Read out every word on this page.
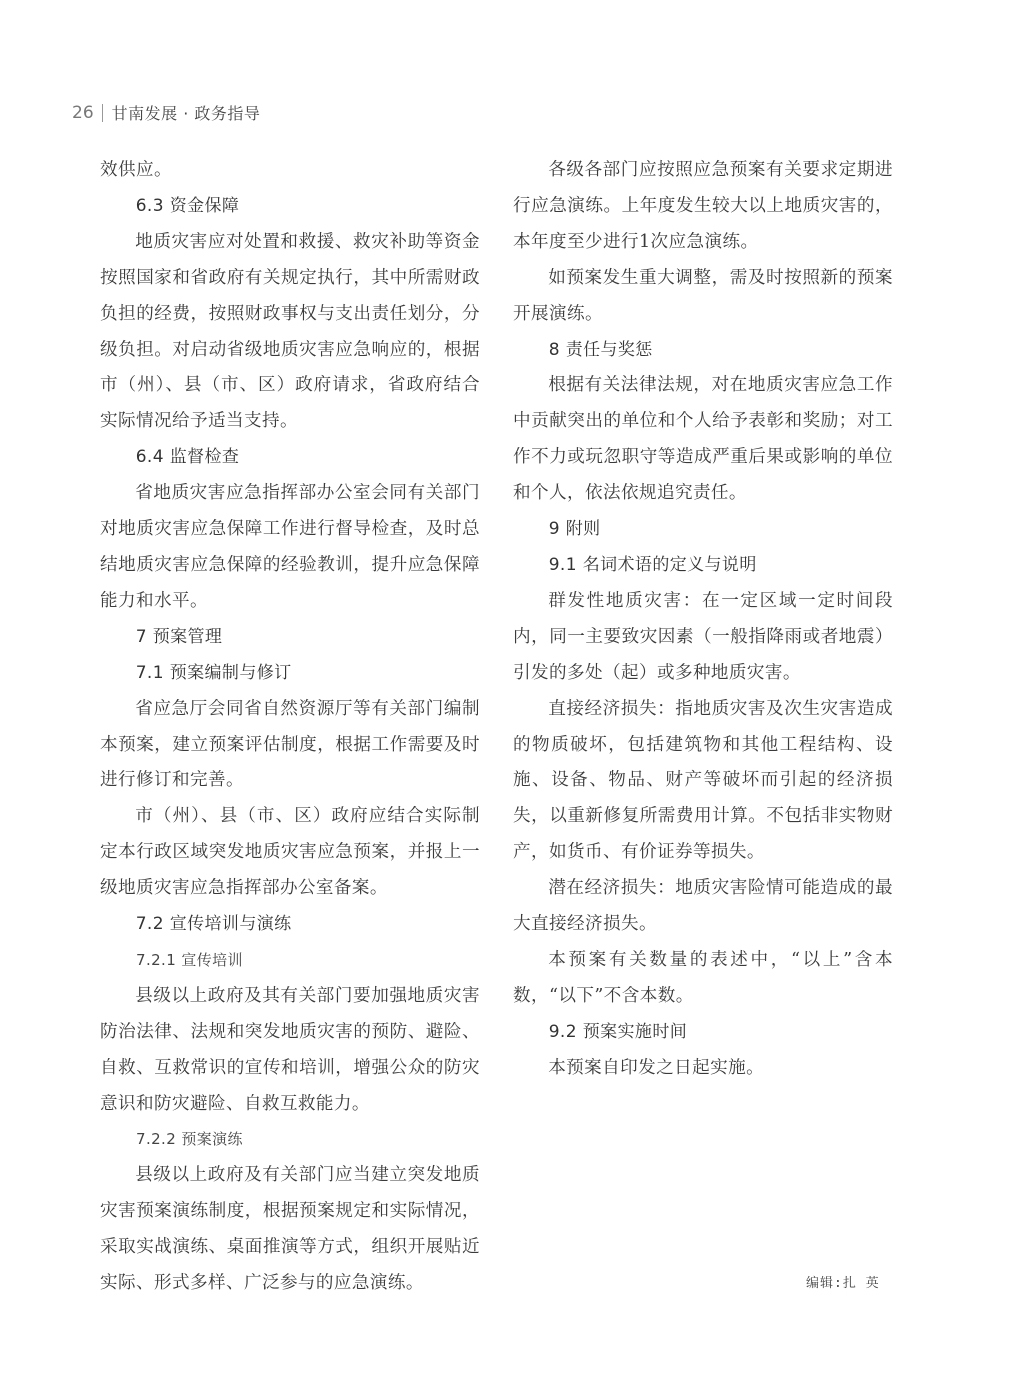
26 甘南发展 · 政务指导

效供应。

6.3 资金保障

地质灾害应对处置和救援、救灾补助等资金按照国家和省政府有关规定执行，其中所需财政负担的经费，按照财政事权与支出责任划分，分级负担。对启动省级地质灾害应急响应的，根据市（州）、县（市、区）政府请求，省政府结合实际情况给予适当支持。

6.4 监督检查

省地质灾害应急指挥部办公室会同有关部门对地质灾害应急保障工作进行督导检查，及时总结地质灾害应急保障的经验教训，提升应急保障能力和水平。

7 预案管理

7.1 预案编制与修订

省应急厅会同省自然资源厅等有关部门编制本预案，建立预案评估制度，根据工作需要及时进行修订和完善。

市（州）、县（市、区）政府应结合实际制定本行政区域突发地质灾害应急预案，并报上一级地质灾害应急指挥部办公室备案。

7.2 宣传培训与演练

7.2.1 宣传培训

县级以上政府及其有关部门要加强地质灾害防治法律、法规和突发地质灾害的预防、避险、自救、互救常识的宣传和培训，增强公众的防灾意识和防灾避险、自救互救能力。

7.2.2 预案演练

县级以上政府及有关部门应当建立突发地质灾害预案演练制度，根据预案规定和实际情况，采取实战演练、桌面推演等方式，组织开展贴近实际、形式多样、广泛参与的应急演练。

各级各部门应按照应急预案有关要求定期进行应急演练。上年度发生较大以上地质灾害的，本年度至少进行1次应急演练。

如预案发生重大调整，需及时按照新的预案开展演练。

8 责任与奖惩

根据有关法律法规，对在地质灾害应急工作中贡献突出的单位和个人给予表彰和奖励；对工作不力或玩忽职守等造成严重后果或影响的单位和个人，依法依规追究责任。

9 附则

9.1 名词术语的定义与说明

群发性地质灾害：在一定区域一定时间段内，同一主要致灾因素（一般指降雨或者地震）引发的多处（起）或多种地质灾害。

直接经济损失：指地质灾害及次生灾害造成的物质破坏，包括建筑物和其他工程结构、设施、设备、物品、财产等破坏而引起的经济损失，以重新修复所需费用计算。不包括非实物财产，如货币、有价证券等损失。

潜在经济损失：地质灾害险情可能造成的最大直接经济损失。

本预案有关数量的表述中，“以上”含本数，“以下”不含本数。

9.2 预案实施时间

本预案自印发之日起实施。

编辑:扎 英
